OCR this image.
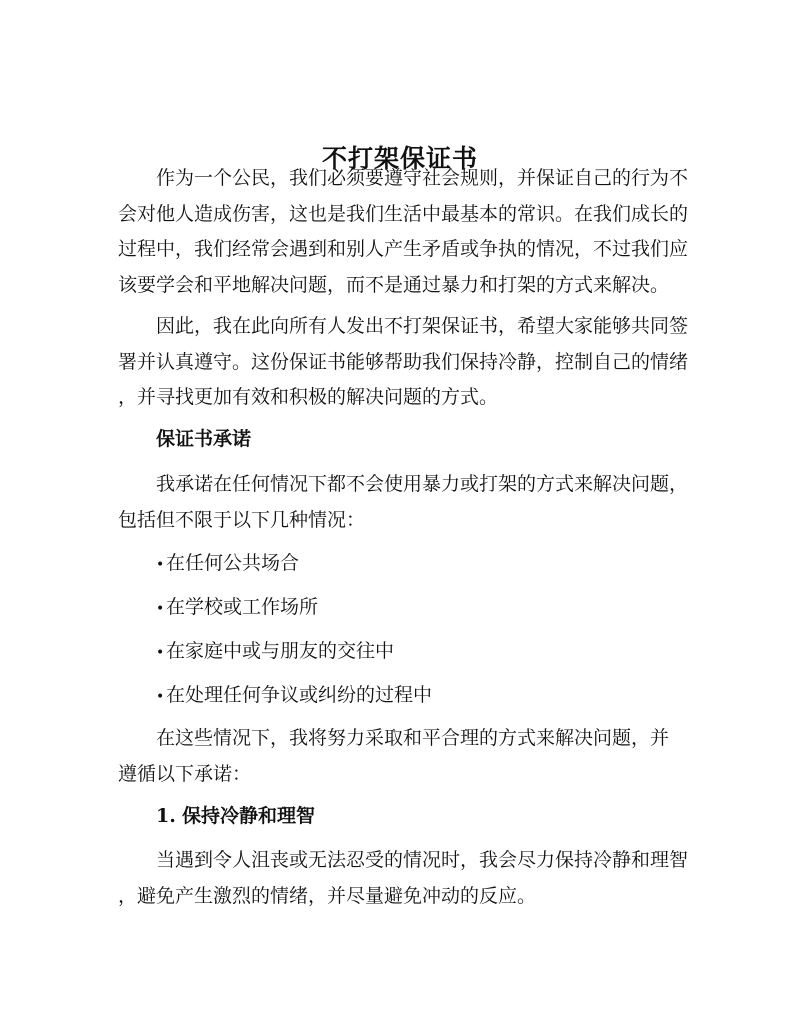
不打架保证书

作为一个公民，我们必须要遵守社会规则，并保证自己的行为不
会对他人造成伤害，这也是我们生活中最基本的常识。在我们成长的
过程中，我们经常会遇到和别人产生矛盾或争执的情况，不过我们应
该要学会和平地解决问题，而不是通过暴力和打架的方式来解决。

因此，我在此向所有人发出不打架保证书，希望大家能够共同签
署并认真遵守。这份保证书能够帮助我们保持冷静，控制自己的情绪
，并寻找更加有效和积极的解决问题的方式。

保证书承诺

我承诺在任何情况下都不会使用暴力或打架的方式来解决问题，
包括但不限于以下几种情况：

•在任何公共场合
•在学校或工作场所
•在家庭中或与朋友的交往中
•在处理任何争议或纠纷的过程中

在这些情况下，我将努力采取和平合理的方式来解决问题，并
遵循以下承诺：

1. 保持冷静和理智

当遇到令人沮丧或无法忍受的情况时，我会尽力保持冷静和理智
，避免产生激烈的情绪，并尽量避免冲动的反应。
